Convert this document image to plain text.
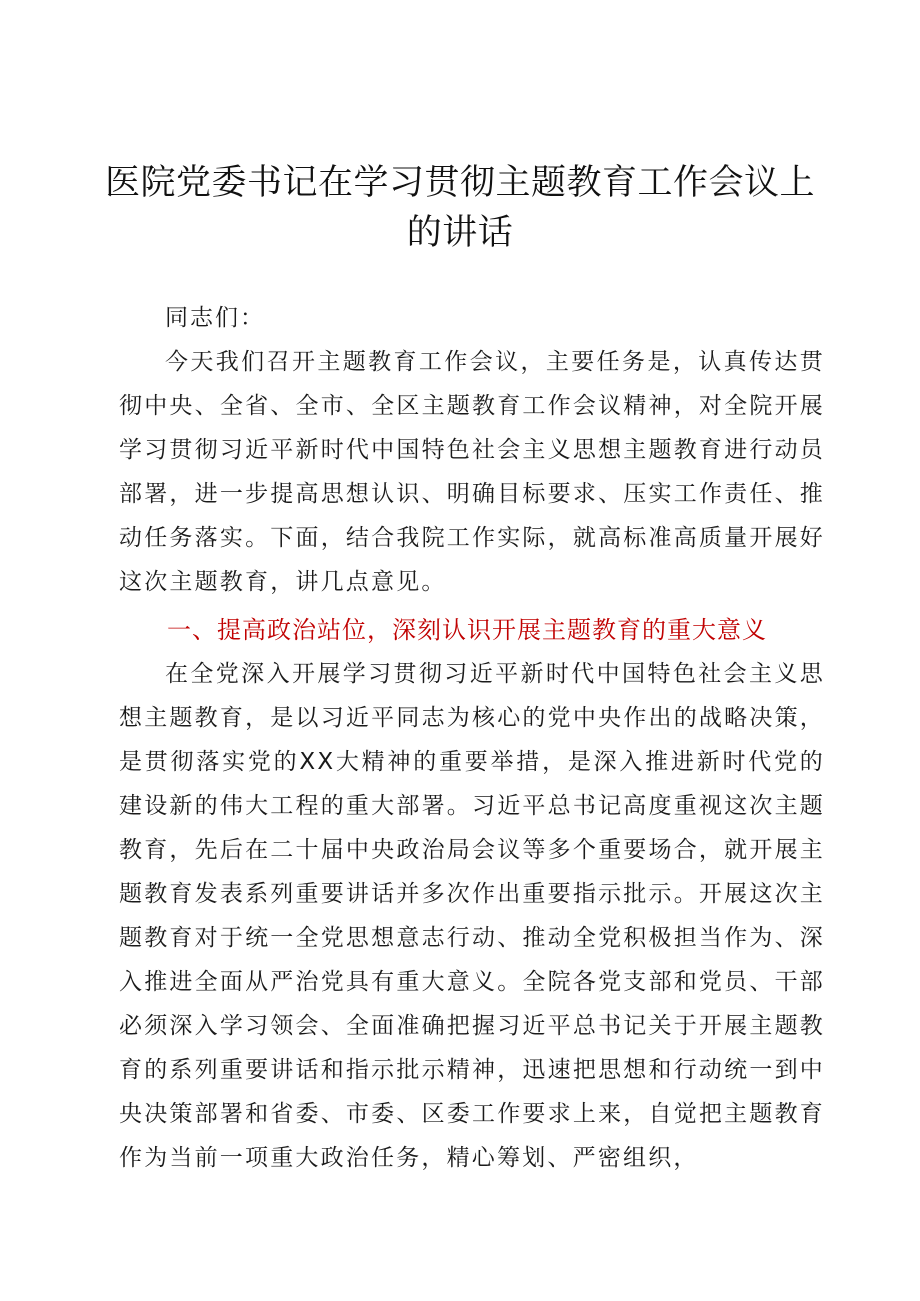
医院党委书记在学习贯彻主题教育工作会议上的讲话

同志们：

今天我们召开主题教育工作会议，主要任务是，认真传达贯彻中央、全省、全市、全区主题教育工作会议精神，对全院开展学习贯彻习近平新时代中国特色社会主义思想主题教育进行动员部署，进一步提高思想认识、明确目标要求、压实工作责任、推动任务落实。下面，结合我院工作实际，就高标准高质量开展好这次主题教育，讲几点意见。

一、提高政治站位，深刻认识开展主题教育的重大意义

在全党深入开展学习贯彻习近平新时代中国特色社会主义思想主题教育，是以习近平同志为核心的党中央作出的战略决策，是贯彻落实党的XX大精神的重要举措，是深入推进新时代党的建设新的伟大工程的重大部署。习近平总书记高度重视这次主题教育，先后在二十届中央政治局会议等多个重要场合，就开展主题教育发表系列重要讲话并多次作出重要指示批示。开展这次主题教育对于统一全党思想意志行动、推动全党积极担当作为、深入推进全面从严治党具有重大意义。全院各党支部和党员、干部必须深入学习领会、全面准确把握习近平总书记关于开展主题教育的系列重要讲话和指示批示精神，迅速把思想和行动统一到中央决策部署和省委、市委、区委工作要求上来，自觉把主题教育作为当前一项重大政治任务，精心筹划、严密组织，
